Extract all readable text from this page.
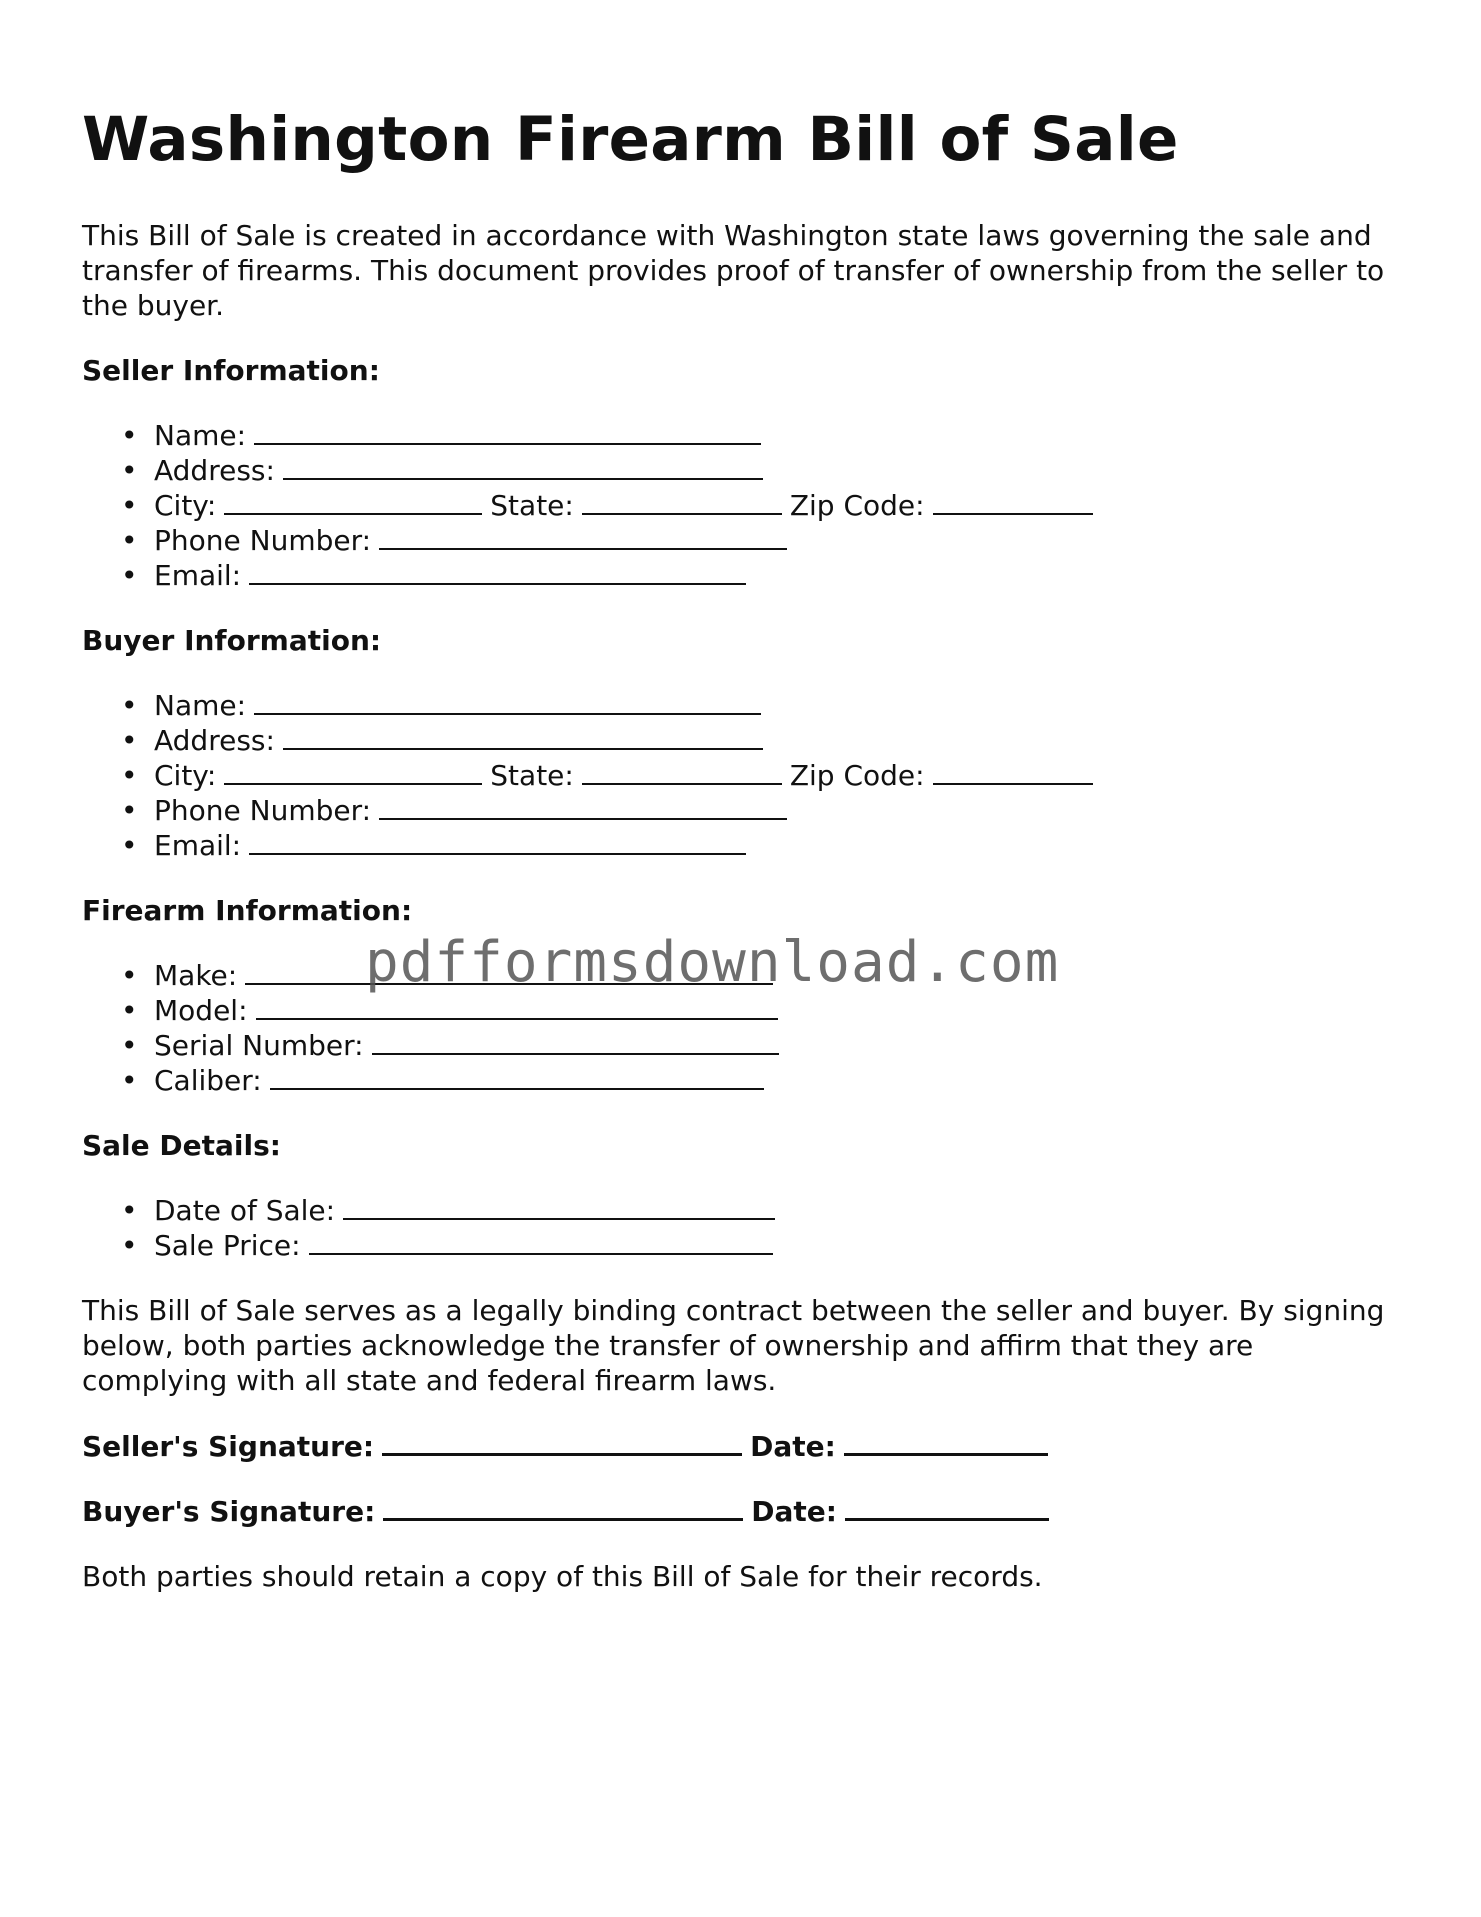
Washington Firearm Bill of Sale

This Bill of Sale is created in accordance with Washington state laws governing the sale and transfer of firearms. This document provides proof of transfer of ownership from the seller to the buyer.

Seller Information:

• Name:
• Address:
• City:	State:	Zip Code:
• Phone Number:
• Email:

Buyer Information:

• Name:
• Address:
• City:	State:	Zip Code:
• Phone Number:
• Email:

Firearm Information:

• Make:
• Model:
• Serial Number:
• Caliber:

Sale Details:

• Date of Sale:
• Sale Price:

This Bill of Sale serves as a legally binding contract between the seller and buyer. By signing below, both parties acknowledge the transfer of ownership and affirm that they are complying with all state and federal firearm laws.

Seller's Signature:	Date:

Buyer's Signature:	Date:

Both parties should retain a copy of this Bill of Sale for their records.

pdfformsdownload.com
